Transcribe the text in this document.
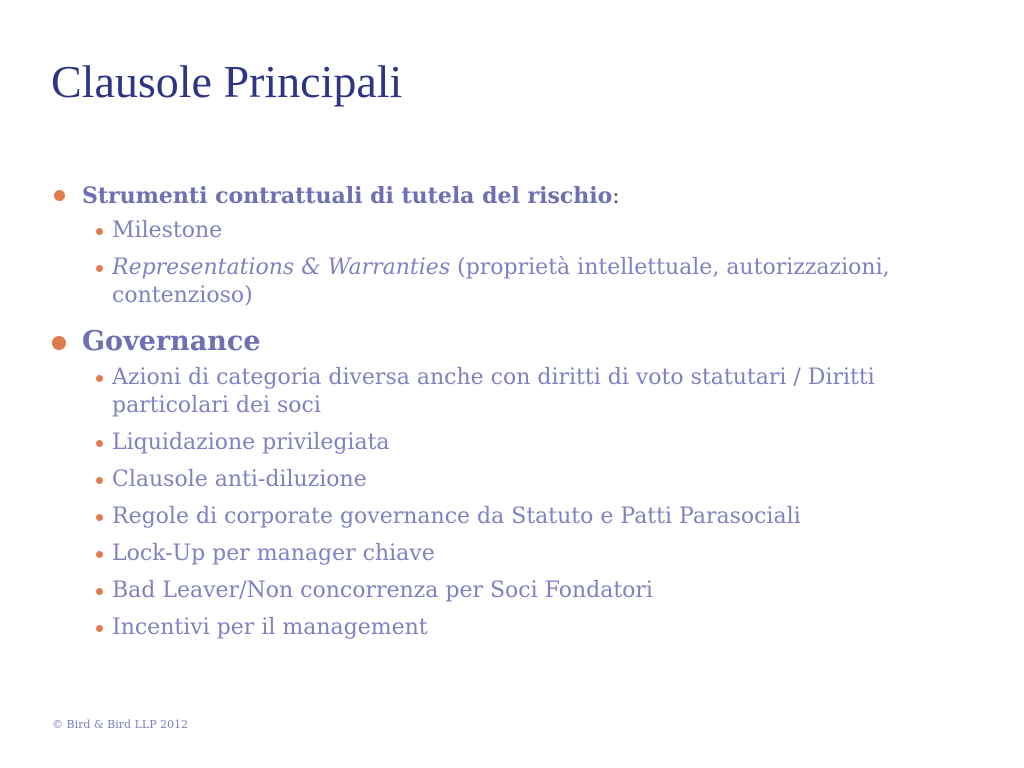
Clausole Principali
Strumenti contrattuali di tutela del rischio:
Milestone
Representations & Warranties (proprietà intellettuale, autorizzazioni, contenzioso)
Governance
Azioni di categoria diversa anche con diritti di voto statutari / Diritti particolari dei soci
Liquidazione privilegiata
Clausole anti-diluzione
Regole di corporate governance da Statuto e Patti Parasociali
Lock-Up per manager chiave
Bad Leaver/Non concorrenza per Soci Fondatori
Incentivi per il management
© Bird & Bird LLP 2012
